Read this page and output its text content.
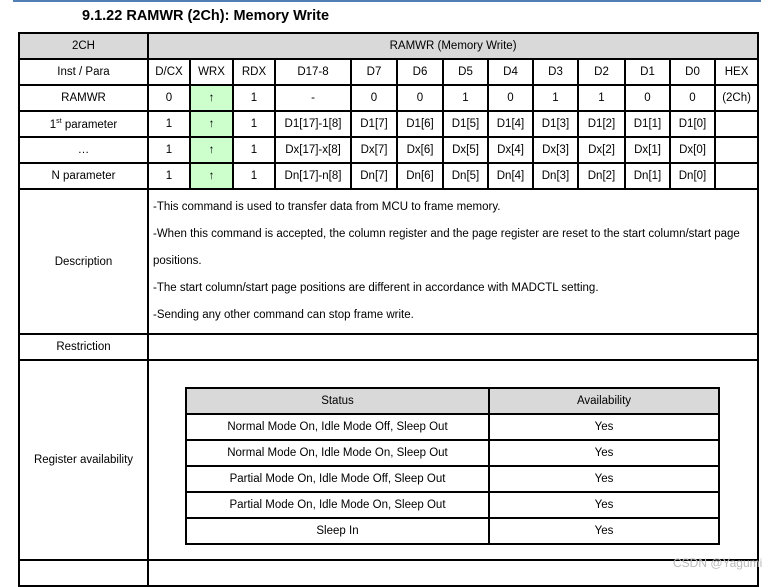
9.1.22 RAMWR (2Ch): Memory Write
2CH	RAMWR (Memory Write)
Inst / Para	D/CX	WRX	RDX	D17-8	D7	D6	D5	D4	D3	D2	D1	D0	HEX
RAMWR	0	↑	1	-	0	0	1	0	1	1	0	0	(2Ch)
1st parameter	1	↑	1	D1[17]-1[8]	D1[7]	D1[6]	D1[5]	D1[4]	D1[3]	D1[2]	D1[1]	D1[0]	
…	1	↑	1	Dx[17]-x[8]	Dx[7]	Dx[6]	Dx[5]	Dx[4]	Dx[3]	Dx[2]	Dx[1]	Dx[0]	
N parameter	1	↑	1	Dn[17]-n[8]	Dn[7]	Dn[6]	Dn[5]	Dn[4]	Dn[3]	Dn[2]	Dn[1]	Dn[0]	
Description	
-This command is used to transfer data from MCU to frame memory.
-When this command is accepted, the column register and the page register are reset to the start column/start page positions.
-The start column/start page positions are different in accordance with MADCTL setting.
-Sending any other command can stop frame write.

Restriction	
Register availability	
Status	Availability
Normal Mode On, Idle Mode Off, Sleep Out	Yes
Normal Mode On, Idle Mode On, Sleep Out	Yes
Partial Mode On, Idle Mode Off, Sleep Out	Yes
Partial Mode On, Idle Mode On, Sleep Out	Yes
Sleep In	Yes

CSDN @Yagumi
